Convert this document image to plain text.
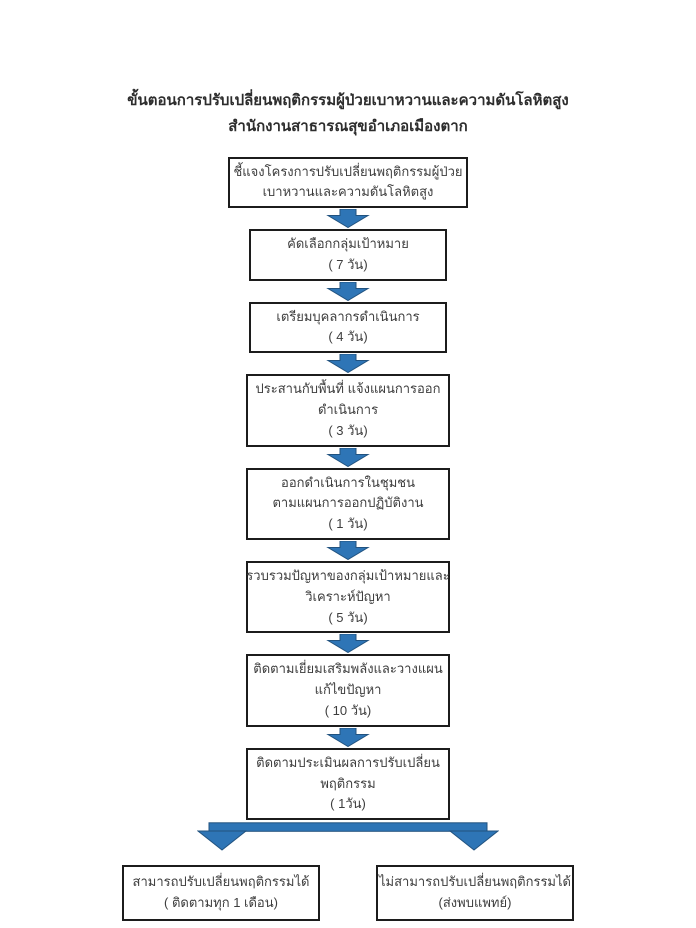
ขั้นตอนการปรับเปลี่ยนพฤติกรรมผู้ป่วยเบาหวานและความดันโลหิตสูง
สำนักงานสาธารณสุขอำเภอเมืองตาก
ชี้แจงโครงการปรับเปลี่ยนพฤติกรรมผู้ป่วย
เบาหวานและความดันโลหิตสูง
คัดเลือกกลุ่มเป้าหมาย
( 7 วัน)
เตรียมบุคลากรดำเนินการ
( 4 วัน)
ประสานกับพื้นที่ แจ้งแผนการออก
ดำเนินการ
( 3 วัน)
ออกดำเนินการในชุมชน
ตามแผนการออกปฏิบัติงาน
( 1 วัน)
รวบรวมปัญหาของกลุ่มเป้าหมายและ
วิเคราะห์ปัญหา
( 5 วัน)
ติดตามเยี่ยมเสริมพลังและวางแผน
แก้ไขปัญหา
( 10 วัน)
ติดตามประเมินผลการปรับเปลี่ยน
พฤติกรรม
( 1วัน)
สามารถปรับเปลี่ยนพฤติกรรมได้
( ติดตามทุก 1 เดือน)
ไม่สามารถปรับเปลี่ยนพฤติกรรมได้
(ส่งพบแพทย์)
